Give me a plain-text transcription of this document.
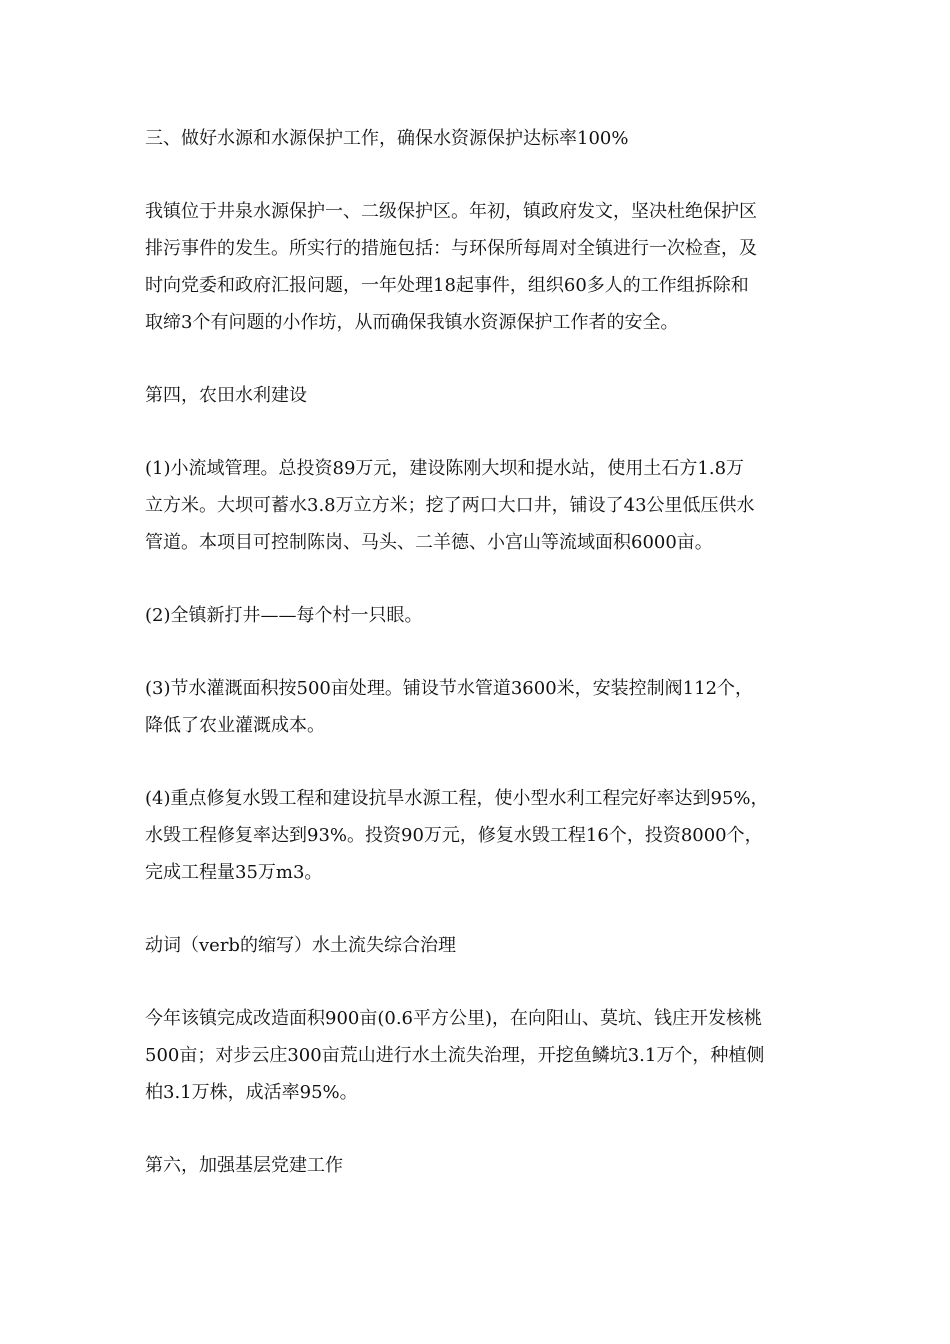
三、做好水源和水源保护工作，确保水资源保护达标率100%

我镇位于井泉水源保护一、二级保护区。年初，镇政府发文，坚决杜绝保护区
排污事件的发生。所实行的措施包括：与环保所每周对全镇进行一次检查，及
时向党委和政府汇报问题，一年处理18起事件，组织60多人的工作组拆除和
取缔3个有问题的小作坊，从而确保我镇水资源保护工作者的安全。

第四，农田水利建设

(1)小流域管理。总投资89万元，建设陈刚大坝和提水站，使用土石方1.8万
立方米。大坝可蓄水3.8万立方米；挖了两口大口井，铺设了43公里低压供水
管道。本项目可控制陈岗、马头、二羊德、小宫山等流域面积6000亩。

(2)全镇新打井——每个村一只眼。

(3)节水灌溉面积按500亩处理。铺设节水管道3600米，安装控制阀112个，
降低了农业灌溉成本。

(4)重点修复水毁工程和建设抗旱水源工程，使小型水利工程完好率达到95%，
水毁工程修复率达到93%。投资90万元，修复水毁工程16个，投资8000个，
完成工程量35万m3。

动词（verb的缩写）水土流失综合治理

今年该镇完成改造面积900亩(0.6平方公里)，在向阳山、莫坑、钱庄开发核桃
500亩；对步云庄300亩荒山进行水土流失治理，开挖鱼鳞坑3.1万个，种植侧
柏3.1万株，成活率95%。

第六，加强基层党建工作
